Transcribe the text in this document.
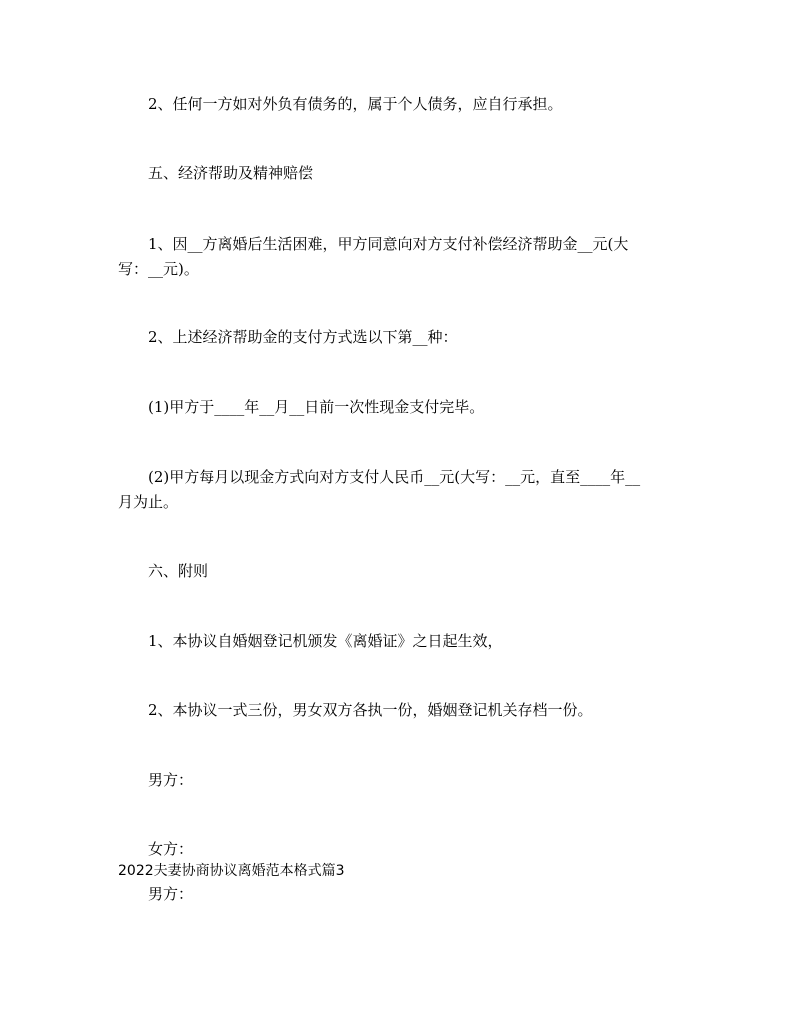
2、任何一方如对外负有债务的，属于个人债务，应自行承担。
五、经济帮助及精神赔偿
1、因__方离婚后生活困难，甲方同意向对方支付补偿经济帮助金__元(大
写：__元)。
2、上述经济帮助金的支付方式选以下第__种：
(1)甲方于____年__月__日前一次性现金支付完毕。
(2)甲方每月以现金方式向对方支付人民币__元(大写：__元，直至____年__
月为止。
六、附则
1、本协议自婚姻登记机颁发《离婚证》之日起生效，
2、本协议一式三份，男女双方各执一份，婚姻登记机关存档一份。
男方：
女方：
2022夫妻协商协议离婚范本格式篇3
男方：
